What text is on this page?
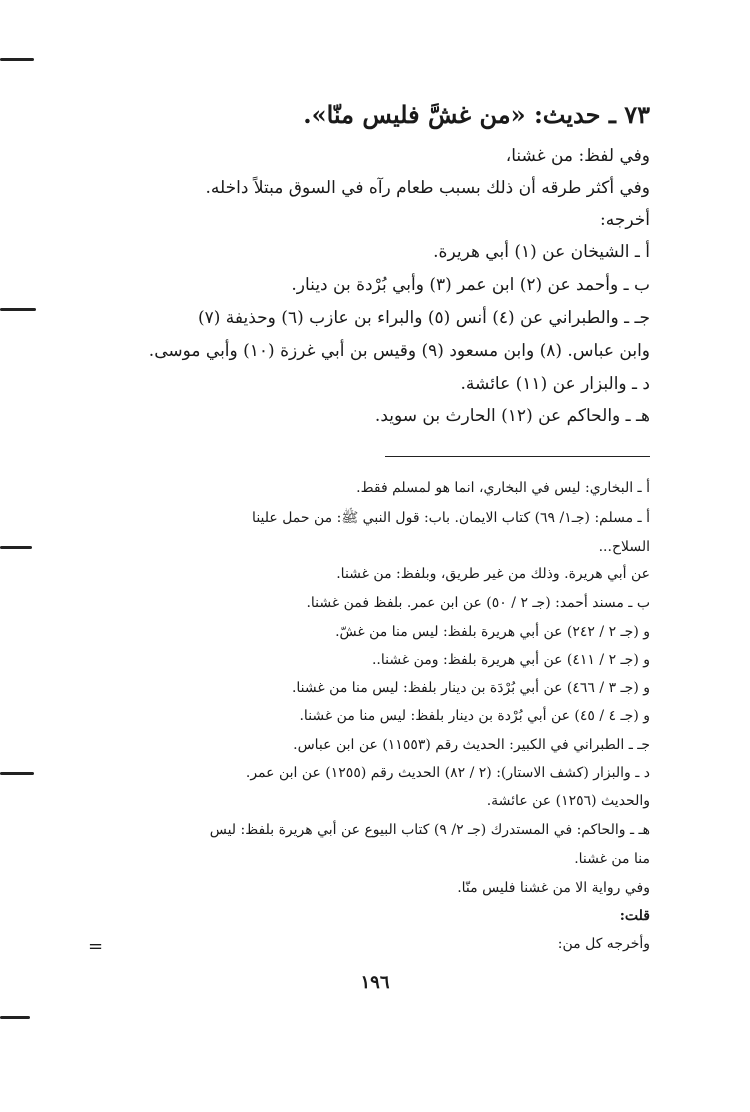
٧٣ ـ حديث: «من غشَّ فليس منّا».
وفي لفظ: من غشنا،
وفي أكثر طرقه أن ذلك بسبب طعام رآه في السوق مبتلاً داخله.
أخرجه:
أ ـ الشيخان عن (١) أبي هريرة.
ب ـ وأحمد عن (٢) ابن عمر (٣) وأبي بُرْدة بن دينار.
جـ ـ والطبراني عن (٤) أنس (٥) والبراء بن عازب (٦) وحذيفة (٧)
وابن عباس. (٨) وابن مسعود (٩) وقيس بن أبي غرزة (١٠) وأبي موسى.
د ـ والبزار عن (١١) عائشة.
هـ ـ والحاكم عن (١٢) الحارث بن سويد.
أ ـ البخاري: ليس في البخاري، انما هو لمسلم فقط.
أ ـ مسلم: (جـ١/ ٦٩) كتاب الايمان. باب: قول النبي ﷺ: من حمل علينا
السلاح...
عن أبي هريرة. وذلك من غير طريق، وبلفظ: من غشنا.
ب ـ مسند أحمد: (جـ ٢ / ٥٠) عن ابن عمر. بلفظ فمن غشنا.
و (جـ ٢ / ٢٤٢) عن أبي هريرة بلفظ: ليس منا من غشّ.
و (جـ ٢ / ٤١١) عن أبي هريرة بلفظ: ومن غشنا..
و (جـ ٣ / ٤٦٦) عن أبي بُرْدَة بن دينار بلفظ: ليس منا من غشنا.
و (جـ ٤ / ٤٥) عن أبي بُرْدة بن دينار بلفظ: ليس منا من غشنا.
جـ ـ الطبراني في الكبير: الحديث رقم (١١٥٥٣) عن ابن عباس.
د ـ والبزار (كشف الاستار): (٢ / ٨٢) الحديث رقم (١٢٥٥) عن ابن عمر.
والحديث (١٢٥٦) عن عائشة.
هـ ـ والحاكم: في المستدرك (جـ ٢/ ٩) كتاب البيوع عن أبي هريرة بلفظ: ليس
منا من غشنا.
وفي رواية الا من غشنا فليس منّا.
قلت:
وأخرجه كل من:
=
١٩٦
